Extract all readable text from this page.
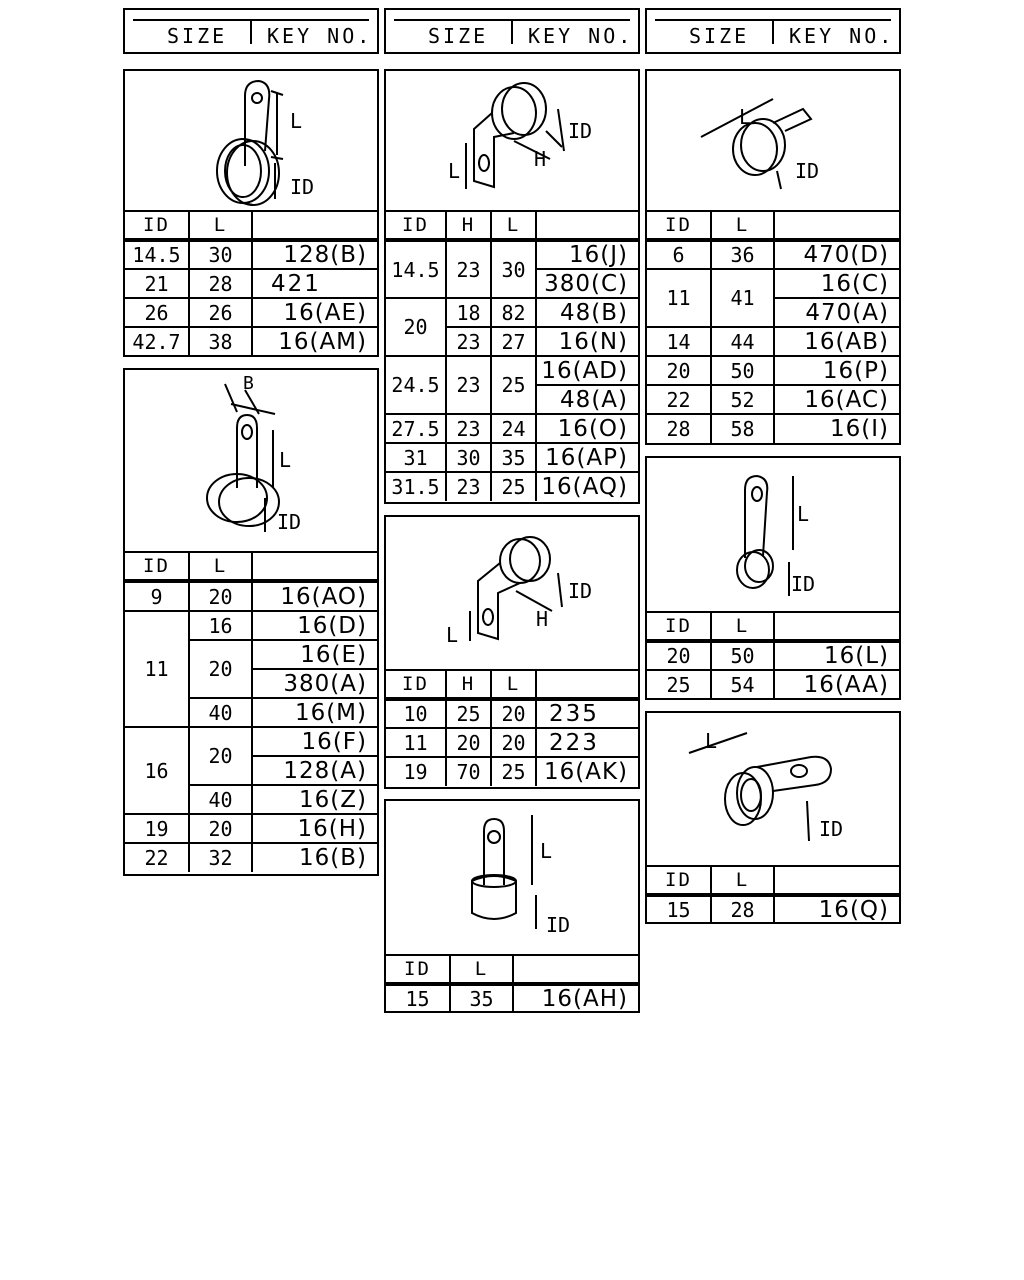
SIZE KEY NO.	SIZE KEY NO.	SIZE KEY NO.
L
ID
ID	L	
14.5	30	128(B)
21	28	421
26	26	16(AE)
42.7	38	16(AM)
B
L
ID
ID	L	
9	20	16(AO)
11	16	16(D)
	20	16(E)
		380(A)
	40	16(M)
16	20	16(F)
		128(A)
	40	16(Z)
19	20	16(H)
22	32	16(B)
L	H
ID
ID	H	L	
14.5	23	30	16(J)
			380(C)
20	18	82	48(B)
	23	27	16(N)
24.5	23	25	16(AD)
			48(A)
27.5	23	24	16(O)
31	30	35	16(AP)
31.5	23	25	16(AQ)
L
H
ID
ID	H	L	
10	25	20	235
11	20	20	223
19	70	25	16(AK)
L
ID
ID	L	
15	35	16(AH)
L
ID
ID	L	
6	36	470(D)
11	41	16(C)
		470(A)
14	44	16(AB)
20	50	16(P)
22	52	16(AC)
28	58	16(I)
L
ID
ID	L	
20	50	16(L)
25	54	16(AA)
L
ID
ID	L	
15	28	16(Q)
